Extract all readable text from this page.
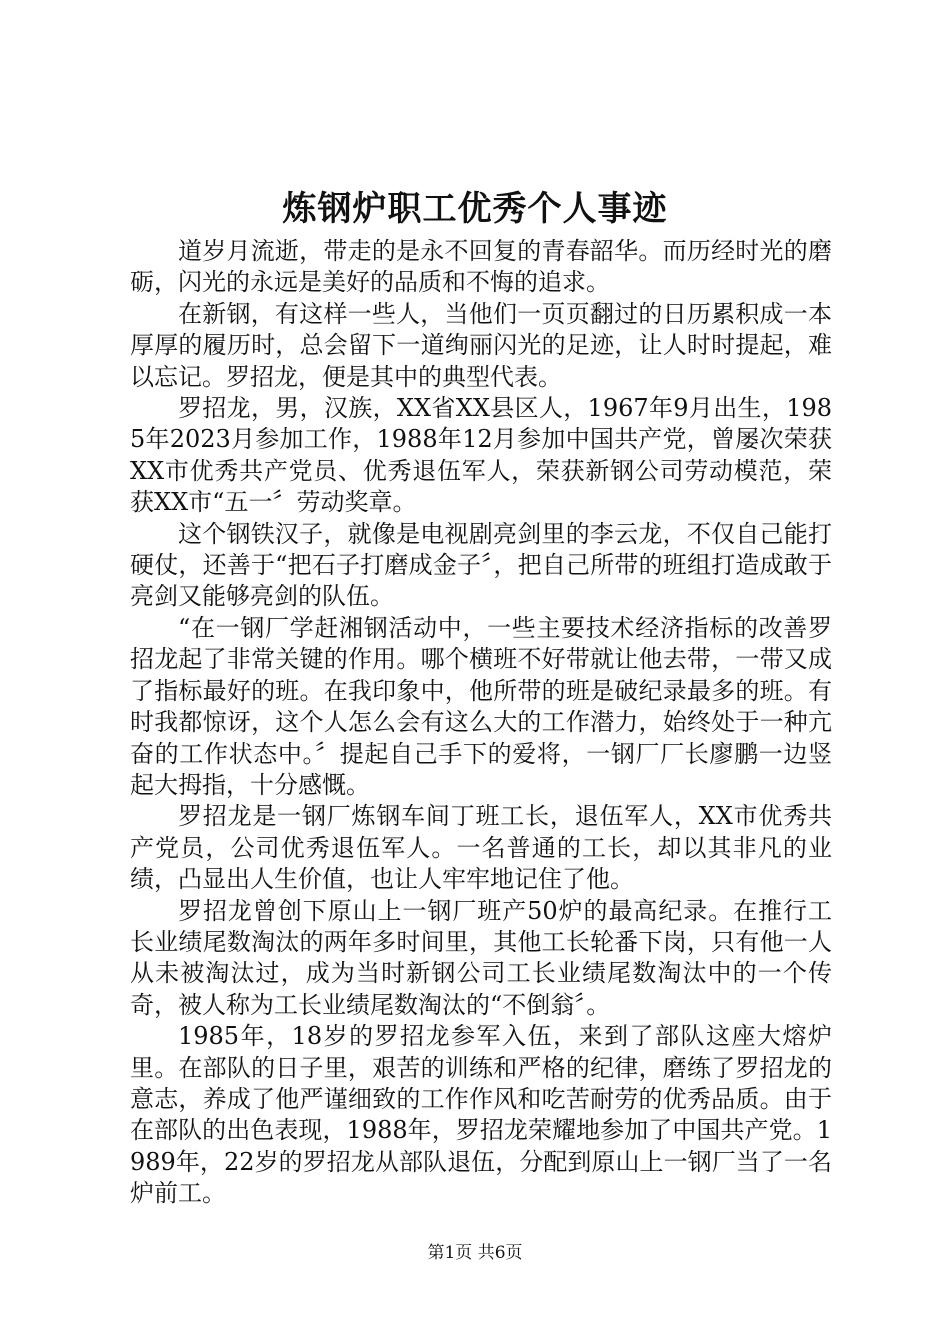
炼钢炉职工优秀个人事迹

道岁月流逝，带走的是永不回复的青春韶华。而历经时光的磨砺，闪光的永远是美好的品质和不悔的追求。

在新钢，有这样一些人，当他们一页页翻过的日历累积成一本厚厚的履历时，总会留下一道绚丽闪光的足迹，让人时时提起，难以忘记。罗招龙，便是其中的典型代表。

罗招龙，男，汉族，XX省XX县区人，1967年9月出生，1985年2023月参加工作，1988年12月参加中国共产党，曾屡次荣获XX市优秀共产党员、优秀退伍军人，荣获新钢公司劳动模范，荣获XX市“五一〞劳动奖章。

这个钢铁汉子，就像是电视剧亮剑里的李云龙，不仅自己能打硬仗，还善于“把石子打磨成金子〞，把自己所带的班组打造成敢于亮剑又能够亮剑的队伍。

“在一钢厂学赶湘钢活动中，一些主要技术经济指标的改善罗招龙起了非常关键的作用。哪个横班不好带就让他去带，一带又成了指标最好的班。在我印象中，他所带的班是破纪录最多的班。有时我都惊讶，这个人怎么会有这么大的工作潜力，始终处于一种亢奋的工作状态中。〞提起自己手下的爱将，一钢厂厂长廖鹏一边竖起大拇指，十分感慨。

罗招龙是一钢厂炼钢车间丁班工长，退伍军人，XX市优秀共产党员，公司优秀退伍军人。一名普通的工长，却以其非凡的业绩，凸显出人生价值，也让人牢牢地记住了他。

罗招龙曾创下原山上一钢厂班产50炉的最高纪录。在推行工长业绩尾数淘汰的两年多时间里，其他工长轮番下岗，只有他一人从未被淘汰过，成为当时新钢公司工长业绩尾数淘汰中的一个传奇，被人称为工长业绩尾数淘汰的“不倒翁〞。

1985年，18岁的罗招龙参军入伍，来到了部队这座大熔炉里。在部队的日子里，艰苦的训练和严格的纪律，磨练了罗招龙的意志，养成了他严谨细致的工作作风和吃苦耐劳的优秀品质。由于在部队的出色表现，1988年，罗招龙荣耀地参加了中国共产党。1989年，22岁的罗招龙从部队退伍，分配到原山上一钢厂当了一名炉前工。

第1页 共6页
